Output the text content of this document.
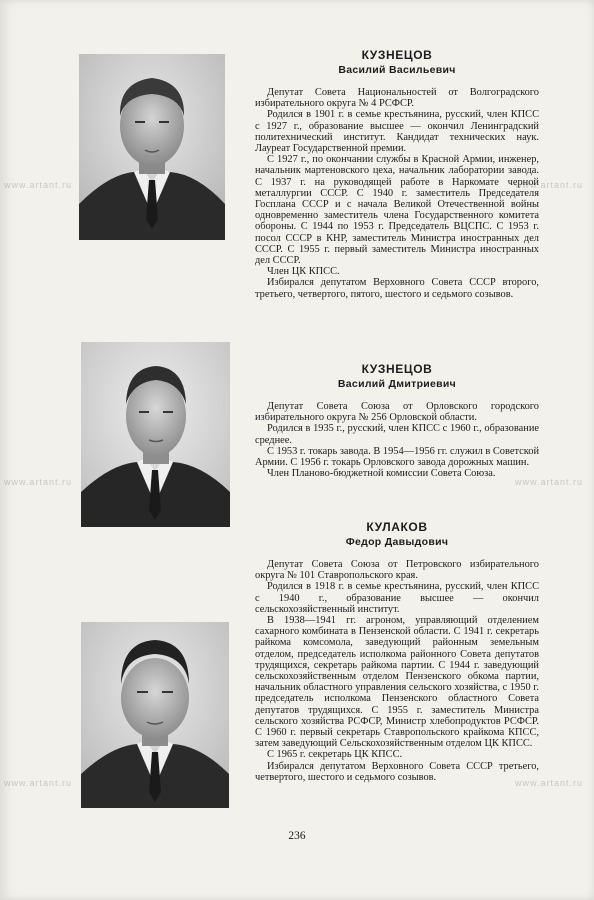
www.artant.ru	www.artant.ru
www.artant.ru	www.artant.ru
www.artant.ru	www.artant.ru
КУЗНЕЦОВ
Василий Васильевич

Депутат Совета Национальностей от Волгоградского избирательного округа № 4 РСФСР.

Родился в 1901 г. в семье крестьянина, русский, член КПСС с 1927 г., образование высшее — окончил Ленинградский политехнический институт. Кандидат технических наук. Лауреат Государственной премии.

С 1927 г., по окончании службы в Красной Армии, инженер, начальник мартеновского цеха, начальник лаборатории завода. С 1937 г. на руководящей работе в Наркомате черной металлургии СССР. С 1940 г. заместитель Председателя Госплана СССР и с начала Великой Отечественной войны одновременно заместитель члена Государственного комитета обороны. С 1944 по 1953 г. Председатель ВЦСПС. С 1953 г. посол СССР в КНР, заместитель Министра иностранных дел СССР. С 1955 г. первый заместитель Министра иностранных дел СССР.

Член ЦК КПСС.

Избирался депутатом Верховного Совета СССР второго, третьего, четвертого, пятого, шестого и седьмого созывов.

КУЗНЕЦОВ
Василий Дмитриевич

Депутат Совета Союза от Орловского городского избирательного округа № 256 Орловской области.

Родился в 1935 г., русский, член КПСС с 1960 г., образование среднее.

С 1953 г. токарь завода. В 1954—1956 гг. служил в Советской Армии. С 1956 г. токарь Орловского завода дорожных машин.

Член Планово-бюджетной комиссии Совета Союза.

КУЛАКОВ
Федор Давыдович

Депутат Совета Союза от Петровского избирательного округа № 101 Ставропольского края.

Родился в 1918 г. в семье крестьянина, русский, член КПСС с 1940 г., образование высшее — окончил сельскохозяйственный институт.

В 1938—1941 гг. агроном, управляющий отделением сахарного комбината в Пензенской области. С 1941 г. секретарь райкома комсомола, заведующий районным земельным отделом, председатель исполкома районного Совета депутатов трудящихся, секретарь райкома партии. С 1944 г. заведующий сельскохозяйственным отделом Пензенского обкома партии, начальник областного управления сельского хозяйства, с 1950 г. председатель исполкома Пензенского областного Совета депутатов трудящихся. С 1955 г. заместитель Министра сельского хозяйства РСФСР, Министр хлебопродуктов РСФСР. С 1960 г. первый секретарь Ставропольского крайкома КПСС, затем заведующий Сельскохозяйственным отделом ЦК КПСС.

С 1965 г. секретарь ЦК КПСС.

Избирался депутатом Верховного Совета СССР третьего, четвертого, шестого и седьмого созывов.

236
